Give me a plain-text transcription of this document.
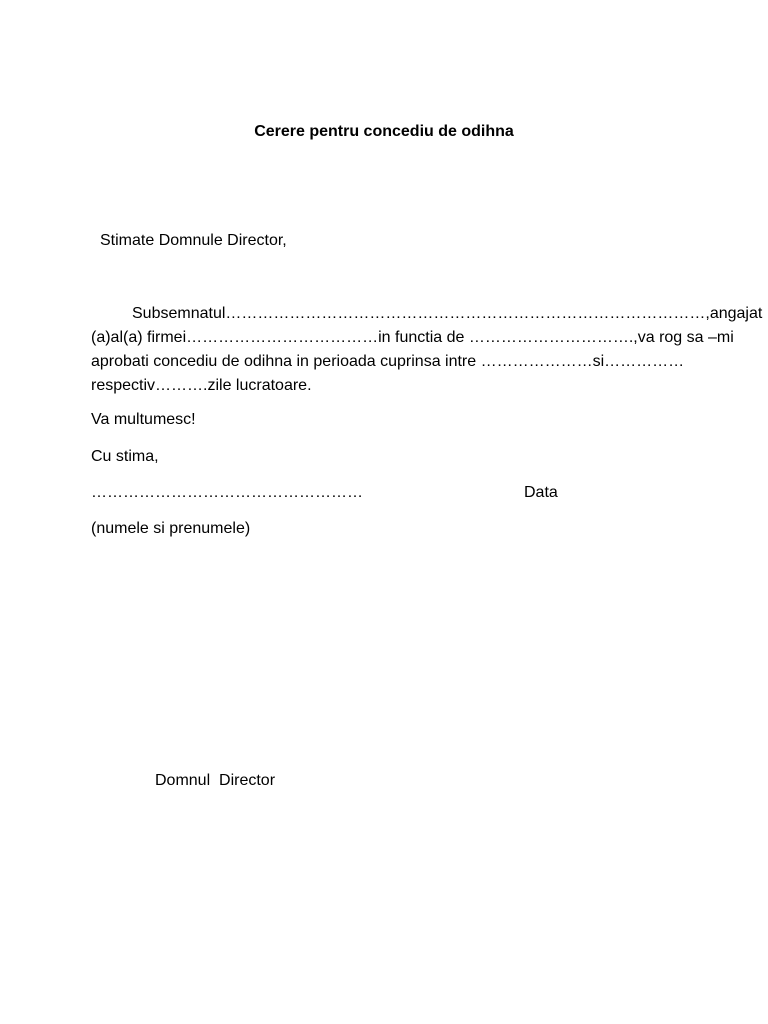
Cerere pentru concediu de odihna
Stimate Domnule Director,
Subsemnatul………………………………………………………………………………,angajat
(a)al(a) firmei………………………………in functia de ………………………….,va rog sa –mi
aprobati concediu de odihna in perioada cuprinsa intre …………………si……………
respectiv……….zile lucratoare.
Va multumesc!
Cu stima,
……………………………………………	Data
(numele si prenumele)
Domnul  Director
